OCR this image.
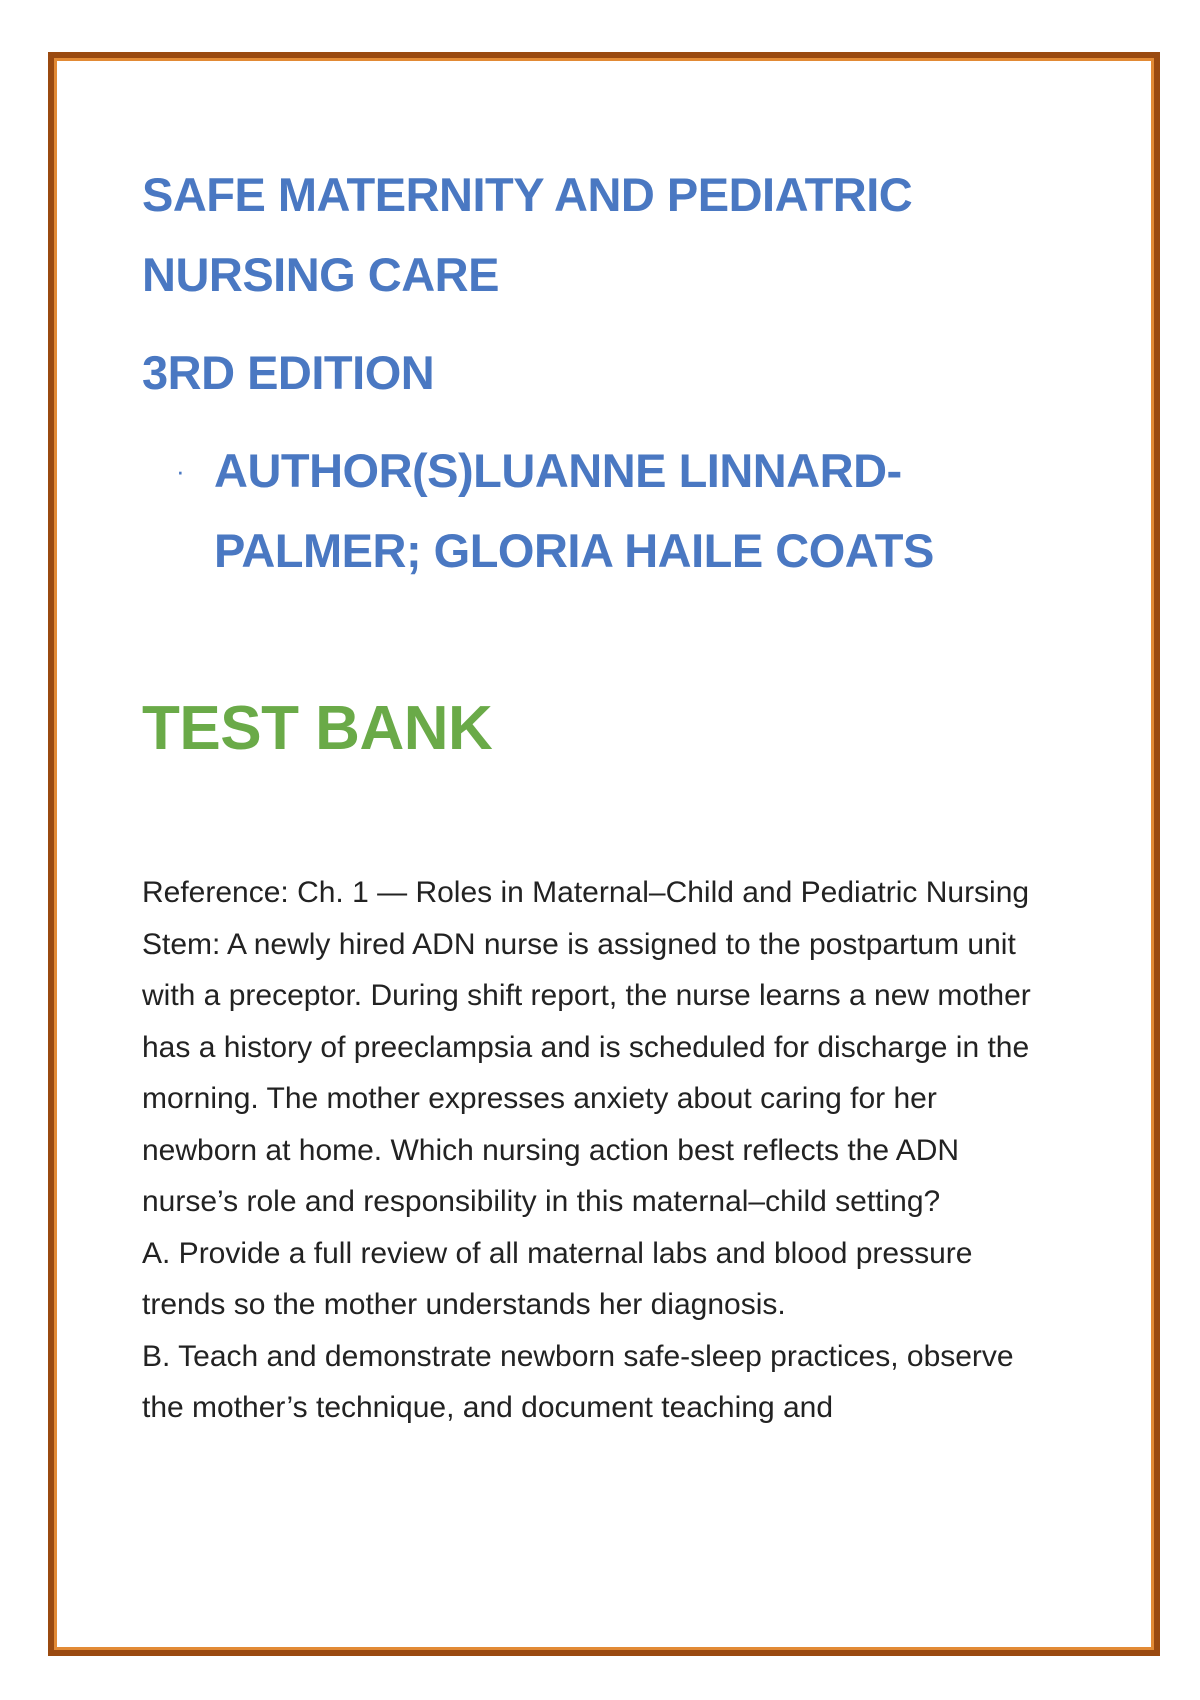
SAFE MATERNITY AND PEDIATRIC NURSING CARE
3RD EDITION
· AUTHOR(S)LUANNE LINNARD-PALMER; GLORIA HAILE COATS
TEST BANK

Reference: Ch. 1 — Roles in Maternal–Child and Pediatric Nursing

Stem: A newly hired ADN nurse is assigned to the postpartum unit with a preceptor. During shift report, the nurse learns a new mother has a history of preeclampsia and is scheduled for discharge in the morning. The mother expresses anxiety about caring for her newborn at home. Which nursing action best reflects the ADN nurse’s role and responsibility in this maternal–child setting?

A. Provide a full review of all maternal labs and blood pressure trends so the mother understands her diagnosis.

B. Teach and demonstrate newborn safe-sleep practices, observe the mother’s technique, and document teaching and
